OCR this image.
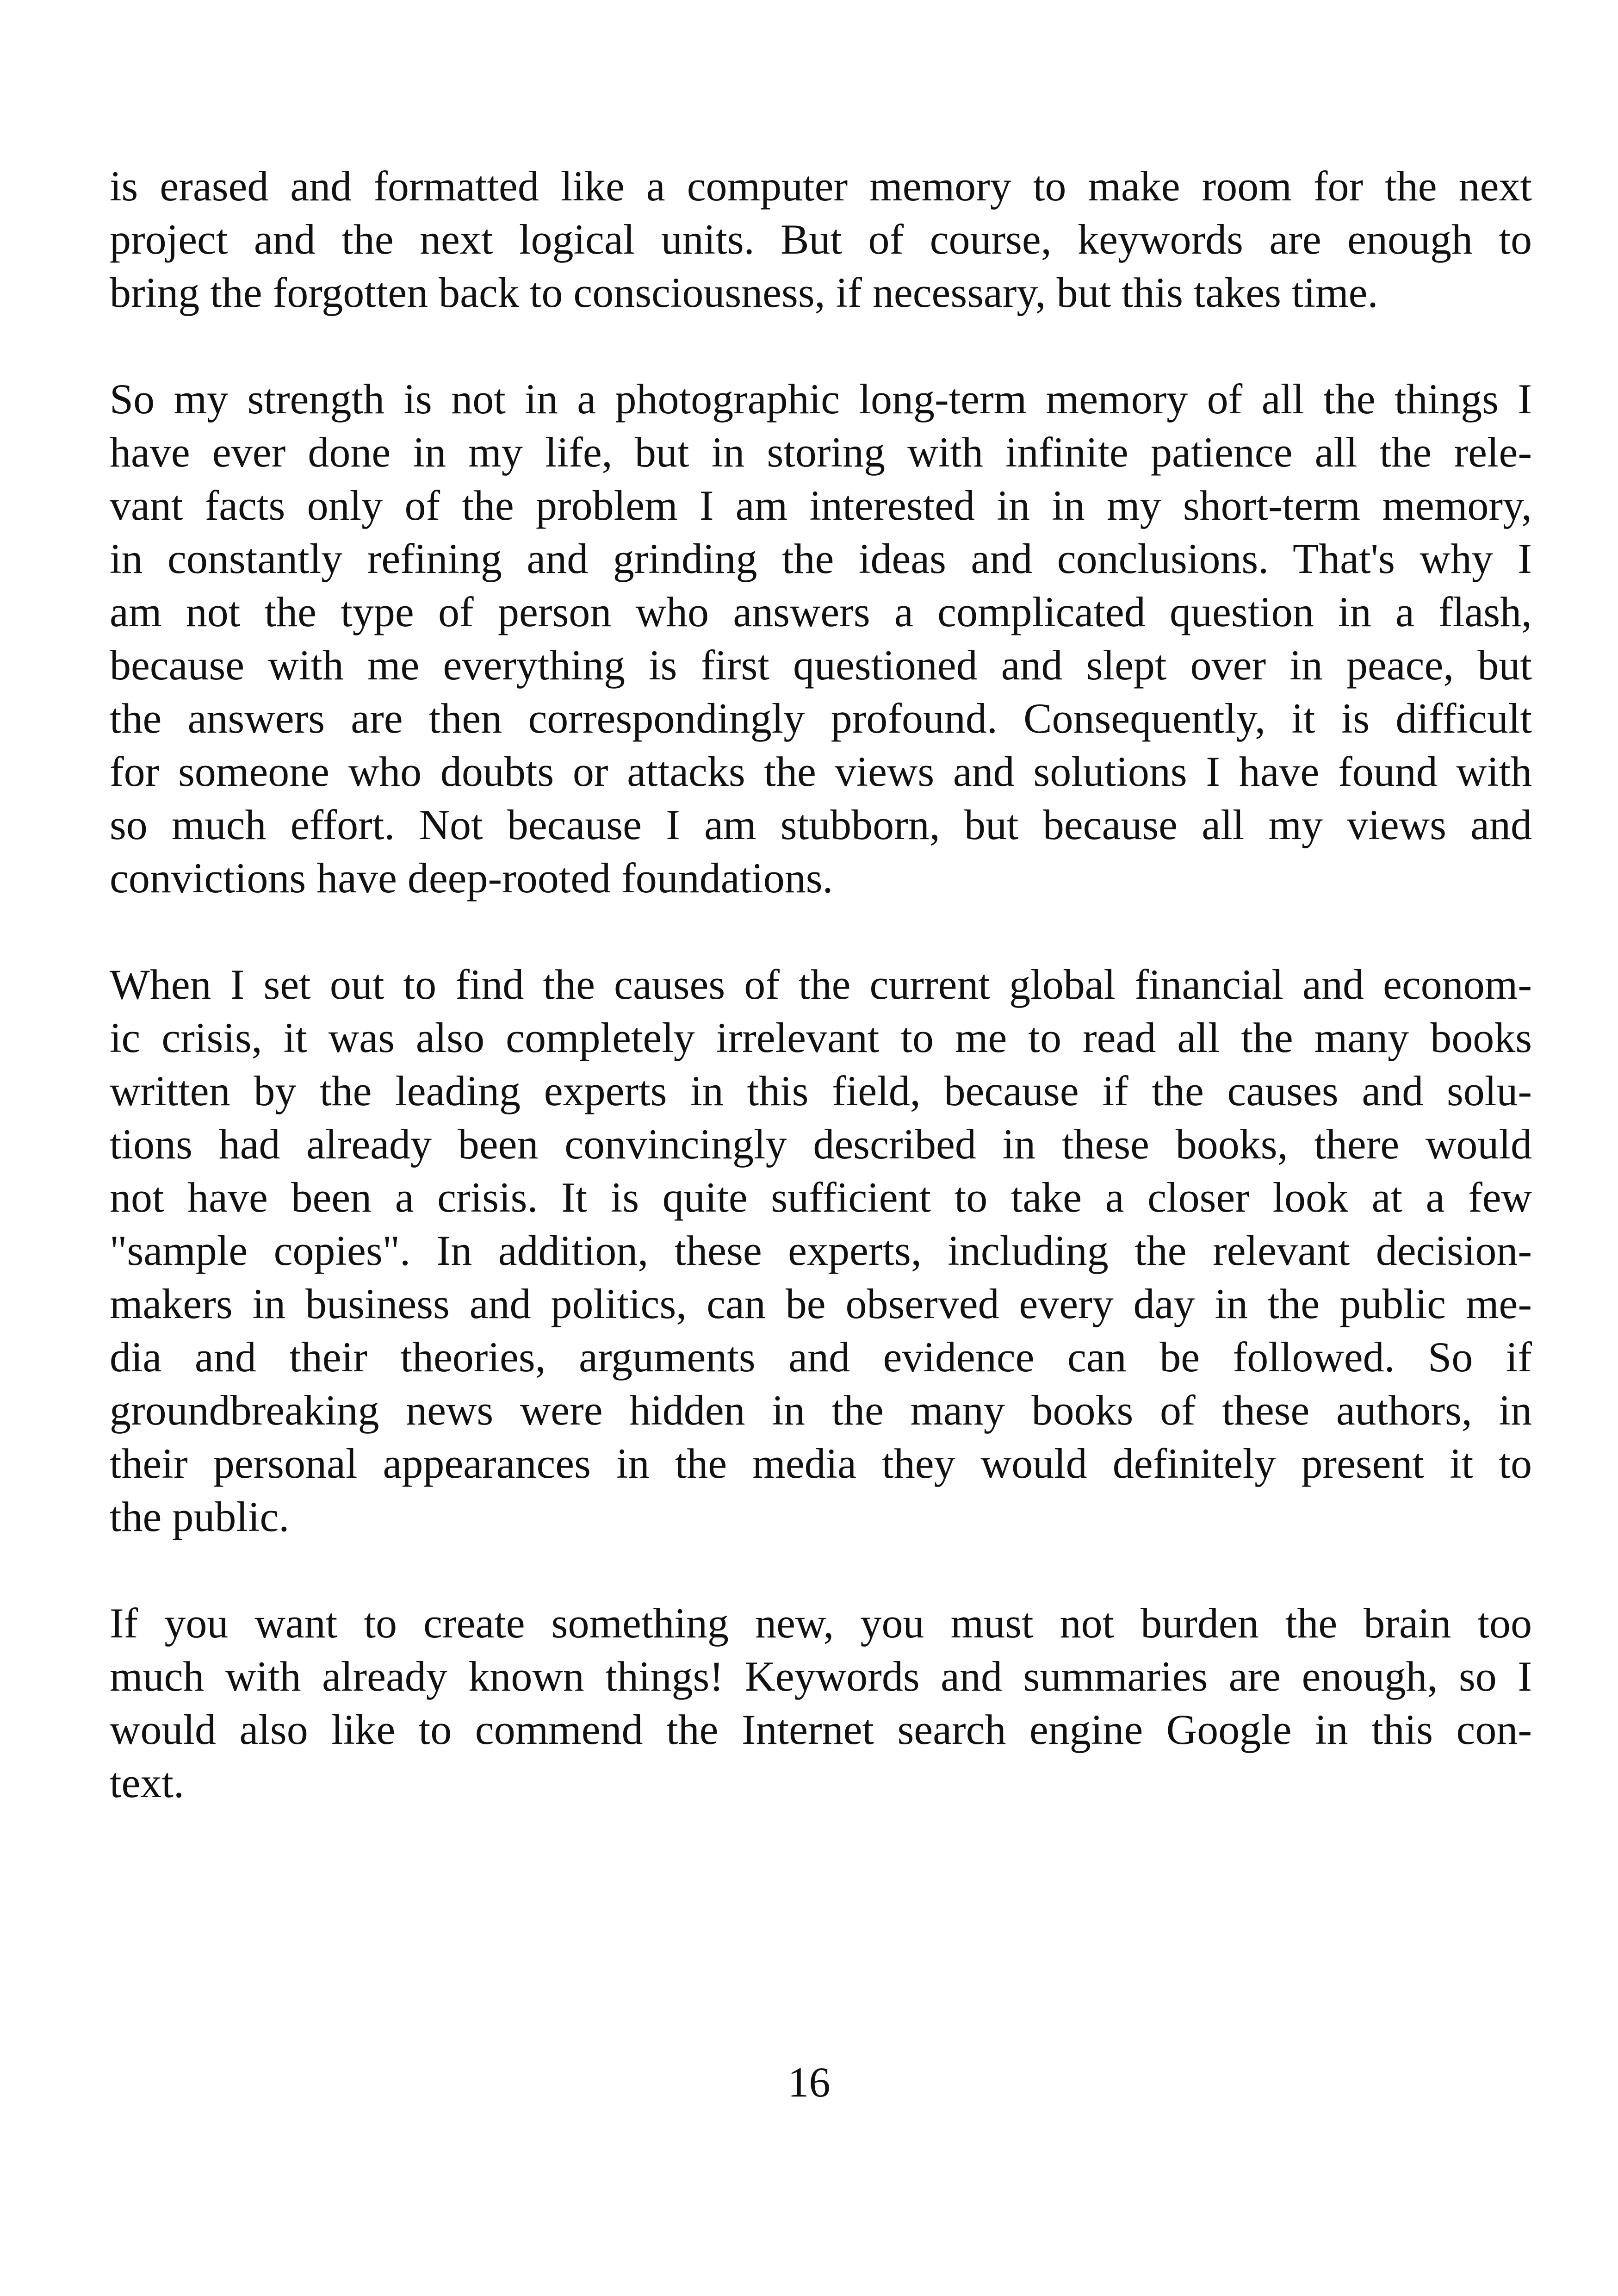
is erased and formatted like a computer memory to make room for the next
project and the next logical units. But of course, keywords are enough to
bring the forgotten back to consciousness, if necessary, but this takes time.

So my strength is not in a photographic long-term memory of all the things I
have ever done in my life, but in storing with infinite patience all the rele-
vant facts only of the problem I am interested in in my short-term memory,
in constantly refining and grinding the ideas and conclusions. That's why I
am not the type of person who answers a complicated question in a flash,
because with me everything is first questioned and slept over in peace, but
the answers are then correspondingly profound. Consequently, it is difficult
for someone who doubts or attacks the views and solutions I have found with
so much effort. Not because I am stubborn, but because all my views and
convictions have deep-rooted foundations.

When I set out to find the causes of the current global financial and econom-
ic crisis, it was also completely irrelevant to me to read all the many books
written by the leading experts in this field, because if the causes and solu-
tions had already been convincingly described in these books, there would
not have been a crisis. It is quite sufficient to take a closer look at a few
"sample copies". In addition, these experts, including the relevant decision-
makers in business and politics, can be observed every day in the public me-
dia and their theories, arguments and evidence can be followed. So if
groundbreaking news were hidden in the many books of these authors, in
their personal appearances in the media they would definitely present it to
the public.

If you want to create something new, you must not burden the brain too
much with already known things! Keywords and summaries are enough, so I
would also like to commend the Internet search engine Google in this con-
text.

16
